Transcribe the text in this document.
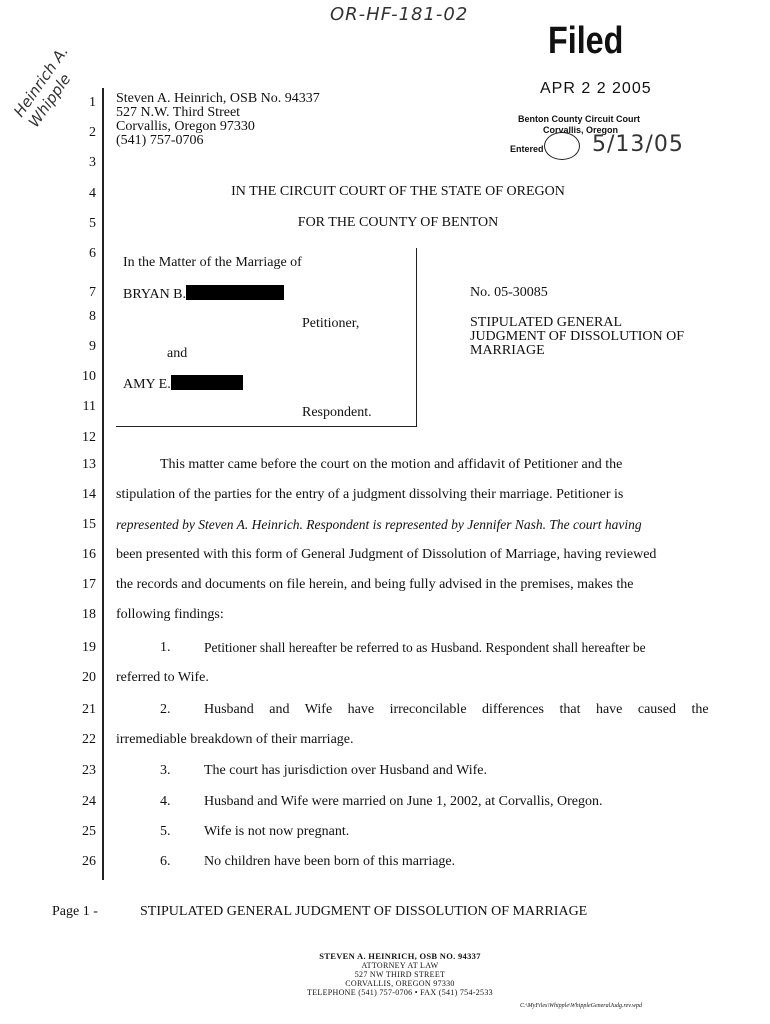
OR-HF-181-02
Heinrich A. Whipple
Filed
APR 2 2 2005
Benton County Circuit Court
Corvallis, Oregon
Entered 5/13/05
1
2
3
4
5
6
7
8
9
10
11
12
13
14
15
16
17
18
19
20
21
22
23
24
25
26
Steven A. Heinrich, OSB No. 94337
527 N.W. Third Street
Corvallis, Oregon 97330
(541) 757-0706
IN THE CIRCUIT COURT OF THE STATE OF OREGON
FOR THE COUNTY OF BENTON
In the Matter of the Marriage of
BRYAN B.
Petitioner,
and
AMY E.
Respondent.
No. 05-30085
STIPULATED GENERAL
JUDGMENT OF DISSOLUTION OF
MARRIAGE
This matter came before the court on the motion and affidavit of Petitioner and the
stipulation of the parties for the entry of a judgment dissolving their marriage. Petitioner is
represented by Steven A. Heinrich. Respondent is represented by Jennifer Nash. The court having
been presented with this form of General Judgment of Dissolution of Marriage, having reviewed
the records and documents on file herein, and being fully advised in the premises, makes the
following findings:
1. Petitioner shall hereafter be referred to as Husband. Respondent shall hereafter be
referred to Wife.
2. Husband and Wife have irreconcilable differences that have caused the
irremediable breakdown of their marriage.
3. The court has jurisdiction over Husband and Wife.
4. Husband and Wife were married on June 1, 2002, at Corvallis, Oregon.
5. Wife is not now pregnant.
6. No children have been born of this marriage.
Page 1 -	STIPULATED GENERAL JUDGMENT OF DISSOLUTION OF MARRIAGE
STEVEN A. HEINRICH, OSB NO. 94337
ATTORNEY AT LAW
527 NW THIRD STREET
CORVALLIS, OREGON 97330
TELEPHONE (541) 757-0706 • FAX (541) 754-2533
C:\MyFiles\Whipple\WhippleGeneralJudg.rev.wpd
